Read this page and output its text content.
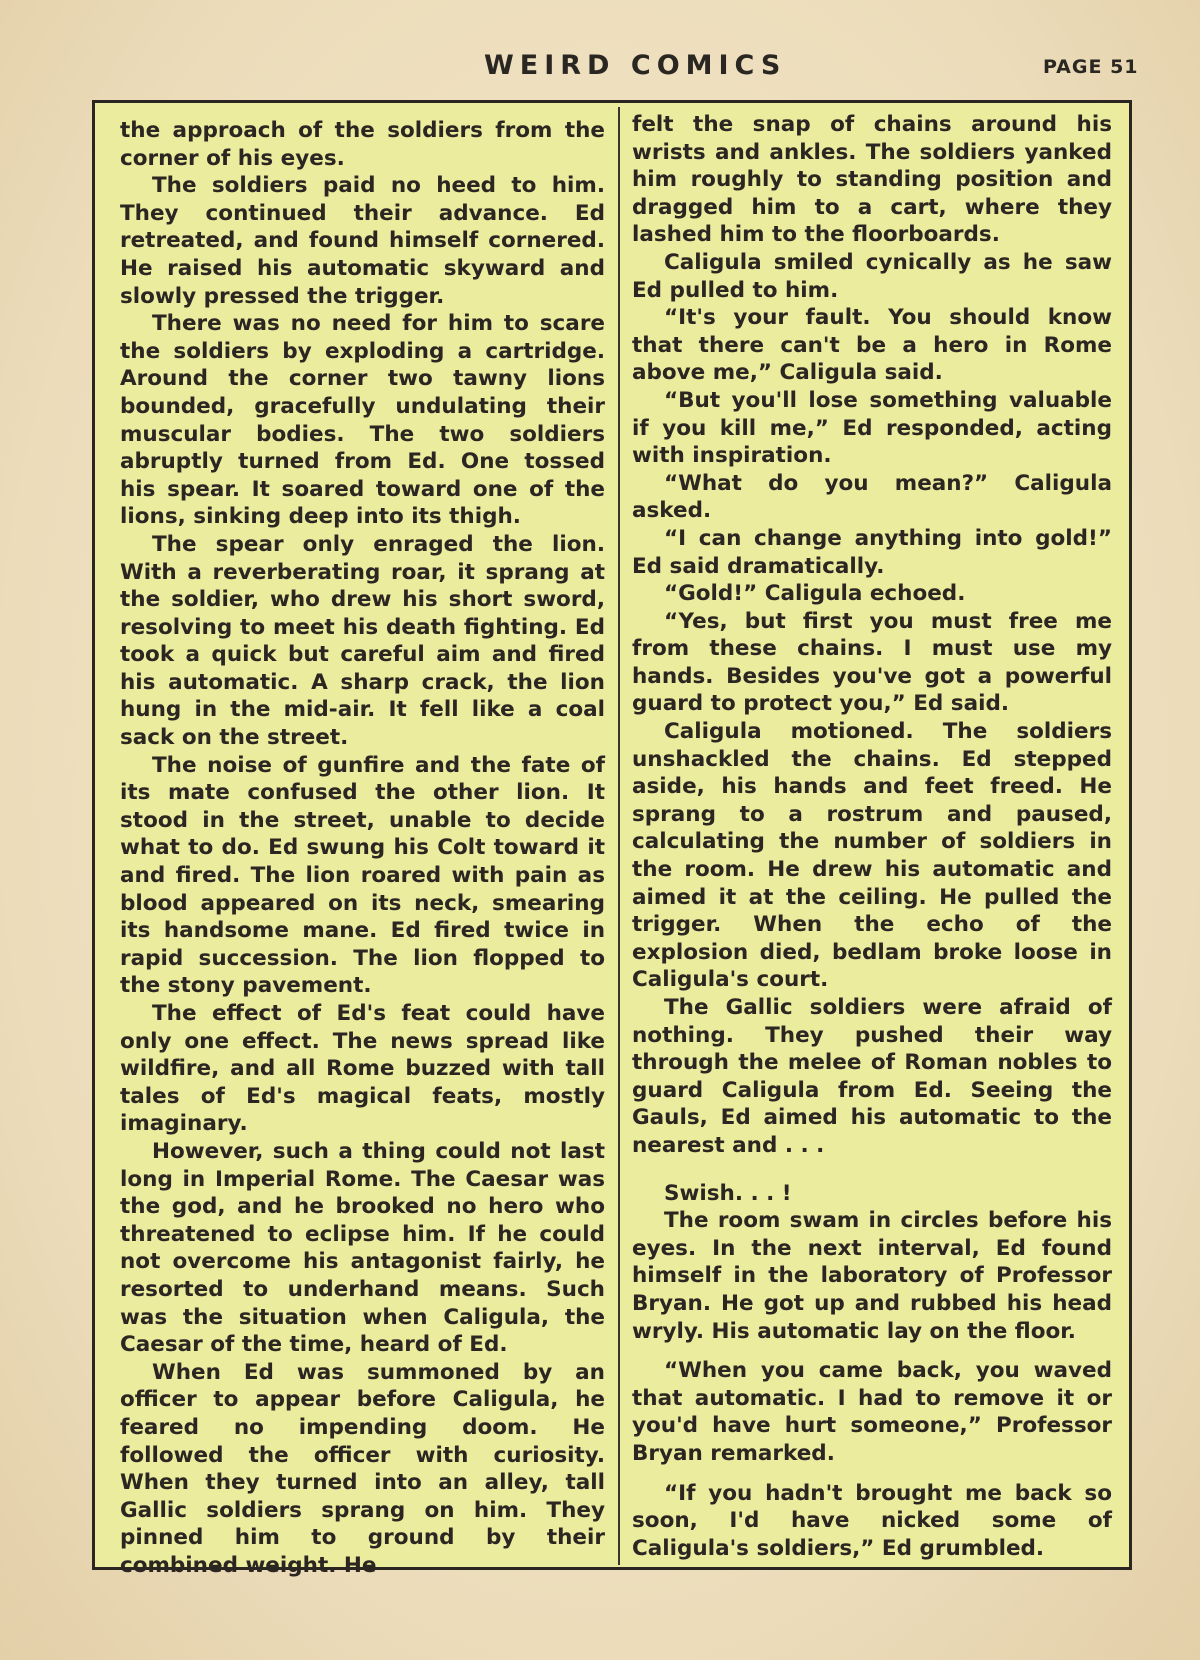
WEIRD COMICS	PAGE 51

the approach of the soldiers from the corner of his eyes.

The soldiers paid no heed to him. They continued their advance. Ed retreated, and found himself cornered. He raised his automatic skyward and slowly pressed the trigger.

There was no need for him to scare the soldiers by exploding a cartridge. Around the corner two tawny lions bounded, gracefully undulating their muscular bodies. The two soldiers abruptly turned from Ed. One tossed his spear. It soared toward one of the lions, sinking deep into its thigh.

The spear only enraged the lion. With a reverberating roar, it sprang at the soldier, who drew his short sword, resolving to meet his death fighting. Ed took a quick but careful aim and fired his automatic. A sharp crack, the lion hung in the mid-air. It fell like a coal sack on the street.

The noise of gunfire and the fate of its mate confused the other lion. It stood in the street, unable to decide what to do. Ed swung his Colt toward it and fired. The lion roared with pain as blood appeared on its neck, smearing its handsome mane. Ed fired twice in rapid succession. The lion flopped to the stony pavement.

The effect of Ed's feat could have only one effect. The news spread like wildfire, and all Rome buzzed with tall tales of Ed's magical feats, mostly imaginary.

However, such a thing could not last long in Imperial Rome. The Caesar was the god, and he brooked no hero who threatened to eclipse him. If he could not overcome his antagonist fairly, he resorted to underhand means. Such was the situation when Caligula, the Caesar of the time, heard of Ed.

When Ed was summoned by an officer to appear before Caligula, he feared no impending doom. He followed the officer with curiosity. When they turned into an alley, tall Gallic soldiers sprang on him. They pinned him to ground by their combined weight. He

felt the snap of chains around his wrists and ankles. The soldiers yanked him roughly to standing position and dragged him to a cart, where they lashed him to the floorboards.

Caligula smiled cynically as he saw Ed pulled to him.

“It's your fault. You should know that there can't be a hero in Rome above me,” Caligula said.

“But you'll lose something valuable if you kill me,” Ed responded, acting with inspiration.

“What do you mean?” Caligula asked.

“I can change anything into gold!” Ed said dramatically.

“Gold!” Caligula echoed.

“Yes, but first you must free me from these chains. I must use my hands. Besides you've got a powerful guard to protect you,” Ed said.

Caligula motioned. The soldiers unshackled the chains. Ed stepped aside, his hands and feet freed. He sprang to a rostrum and paused, calculating the number of soldiers in the room. He drew his automatic and aimed it at the ceiling. He pulled the trigger. When the echo of the explosion died, bedlam broke loose in Caligula's court.

The Gallic soldiers were afraid of nothing. They pushed their way through the melee of Roman nobles to guard Caligula from Ed. Seeing the Gauls, Ed aimed his automatic to the nearest and . . .

Swish. . . !

The room swam in circles before his eyes. In the next interval, Ed found himself in the laboratory of Professor Bryan. He got up and rubbed his head wryly. His automatic lay on the floor.

“When you came back, you waved that automatic. I had to remove it or you'd have hurt someone,” Professor Bryan remarked.

“If you hadn't brought me back so soon, I'd have nicked some of Caligula's soldiers,” Ed grumbled.
